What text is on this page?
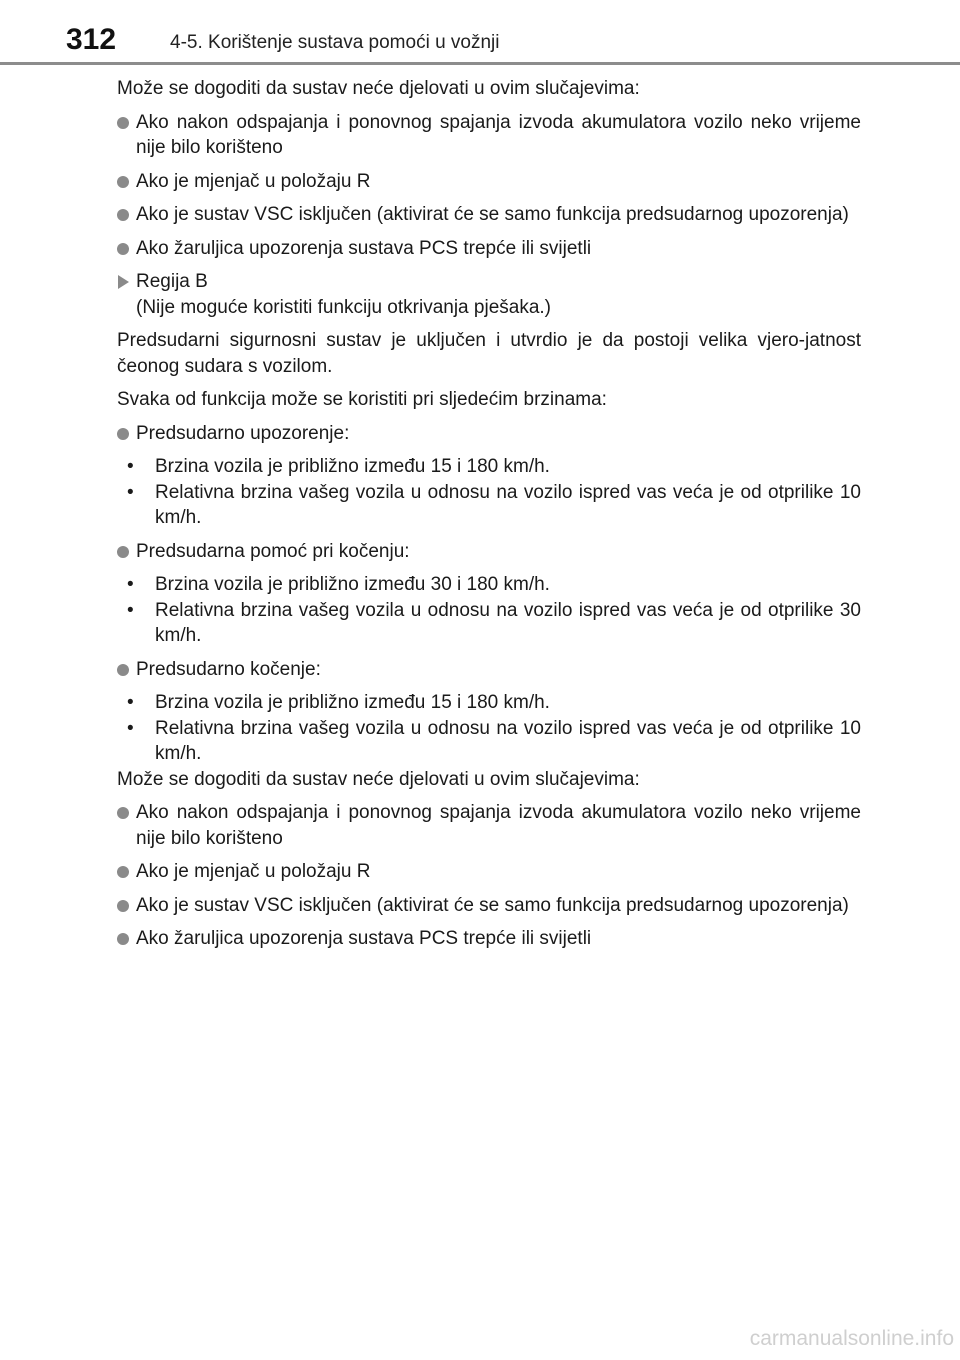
312	4-5. Korištenje sustava pomoći u vožnji

Može se dogoditi da sustav neće djelovati u ovim slučajevima:

Ako nakon odspajanja i ponovnog spajanja izvoda akumulatora vozilo neko vrijeme nije bilo korišteno
Ako je mjenjač u položaju R
Ako je sustav VSC isključen (aktivirat će se samo funkcija predsudarnog upozorenja)
Ako žaruljica upozorenja sustava PCS trepće ili svijetli
Regija B
(Nije moguće koristiti funkciju otkrivanja pješaka.)

Predsudarni sigurnosni sustav je uključen i utvrdio je da postoji velika vjero-jatnost čeonog sudara s vozilom.

Svaka od funkcija može se koristiti pri sljedećim brzinama:

Predsudarno upozorenje:
• Brzina vozila je približno između 15 i 180 km/h.
• Relativna brzina vašeg vozila u odnosu na vozilo ispred vas veća je od otprilike 10 km/h.
Predsudarna pomoć pri kočenju:
• Brzina vozila je približno između 30 i 180 km/h.
• Relativna brzina vašeg vozila u odnosu na vozilo ispred vas veća je od otprilike 30 km/h.
Predsudarno kočenje:
• Brzina vozila je približno između 15 i 180 km/h.
• Relativna brzina vašeg vozila u odnosu na vozilo ispred vas veća je od otprilike 10 km/h.

Može se dogoditi da sustav neće djelovati u ovim slučajevima:

Ako nakon odspajanja i ponovnog spajanja izvoda akumulatora vozilo neko vrijeme nije bilo korišteno
Ako je mjenjač u položaju R
Ako je sustav VSC isključen (aktivirat će se samo funkcija predsudarnog upozorenja)
Ako žaruljica upozorenja sustava PCS trepće ili svijetli
carmanualsonline.info
